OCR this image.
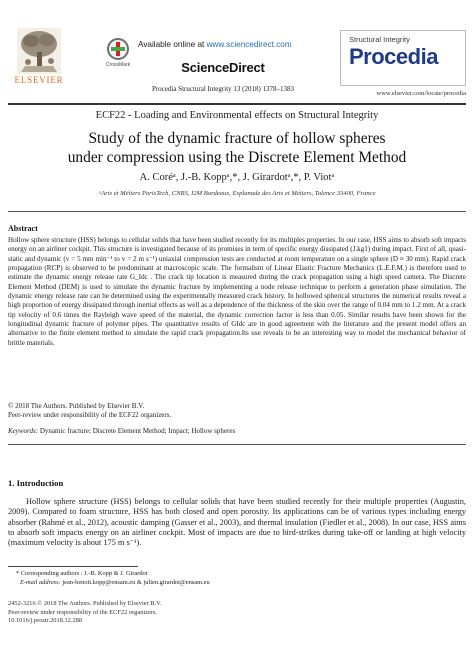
ELSEVIER
CrossMark
Available online at www.sciencedirect.com
ScienceDirect
Procedia Structural Integrity 13 (2018) 1378–1383
Structural Integrity
Procedia
www.elsevier.com/locate/procedia
ECF22 - Loading and Environmental effects on Structural Integrity
Study of the dynamic fracture of hollow spheres
under compression using the Discrete Element Method
A. Coréᵃ, J.-B. Koppᵃ,*, J. Girardotᵃ,*, P. Viotᵃ
ᵃArts et Métiers ParisTech, CNRS, I2M Bordeaux, Esplanade des Arts et Métiers, Talence 33400, France
Abstract
Hollow sphere structure (HSS) belongs to cellular solids that have been studied recently for its multiples properties. In our case, HSS aims to absorb soft impacts energy on an airliner cockpit. This structure is investigated because of its promises in term of specific energy dissipated (J.kg1) during impact. First of all, quasi- static and dynamic (v = 5 mm min⁻¹ to v = 2 m s⁻¹) uniaxial compression tests are conducted at room temperature on a single sphere (D ≈ 30 mm). Rapid crack propagation (RCP) is observed to be predominant at macroscopic scale. The formalism of Linear Elastic Fracture Mechanics (L.E.F.M.) is therefore used to estimate the dynamic energy release rate G_Idc . The crack tip location is measured during the crack propagation using a high speed camera. The Discrete Element Method (DEM) is used to simulate the dynamic fracture by implementing a node release technique to perform a generation phase simulation. The dynamic energy release rate can be determined using the experimentally measured crack history. In hollowed spherical structures the numerical results reveal a high proportion of energy dissipated through inertial effects as well as a dependence of the thickness of the skin over the range of 0.04 mm to 1.2 mm. At a crack tip velocity of 0.6 times the Rayleigh wave speed of the material, the dynamic correction factor is less than 0.05. Similar results have been shown for the longitudinal dynamic fracture of polymer pipes. The quantitative results of GIdc are in good agreement with the literature and the present model offers an alternative to the finite element method to simulate the rapid crack propagation.Its use reveals to be an interesting way to model the mechanical behavior of brittle materials.
© 2018 The Authors. Published by Elsevier B.V.
Peer-review under responsibility of the ECF22 organizers.
Keywords: Dynamic fracture; Discrete Element Method; Impact; Hollow spheres
1. Introduction
Hollow sphere structure (HSS) belongs to cellular solids that have been studied recently for their multiple properties (Augustin, 2009). Compared to foam structure, HSS has both closed and open porosity. Its applications can be of various types including energy absorber (Rahmé et al., 2012), acoustic damping (Gasser et al., 2003), and thermal insulation (Fiedler et al., 2008). In our case, HSS aims to absorb soft impacts energy on an airliner cockpit. Most of impacts are due to bird-strikes during take-off or landing at high velocity (maximum velocity is about 175 m s⁻¹).
* Corresponding authors : J.-B. Kopp & J. Girardot
E-mail address: jean-benoit.kopp@ensam.eu & julien.girardot@ensam.eu
2452-3216 © 2018 The Authors. Published by Elsevier B.V.
Peer-review under responsibility of the ECF22 organizers.
10.1016/j.prostr.2018.12.288
